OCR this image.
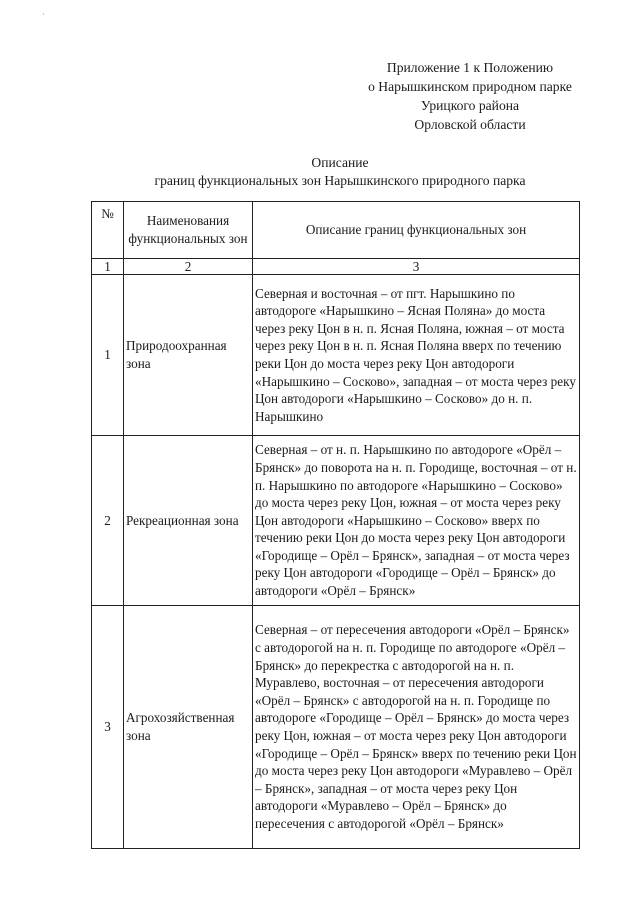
·
Приложение 1 к Положению
о Нарышкинском природном парке
Урицкого района
Орловской области
Описание
границ функциональных зон Нарышкинского природного парка
№	Наименования функциональных зон	Описание границ функциональных зон
1	2	3
1	Природоохранная зона	Северная и восточная – от пгт. Нарышкино по автодороге «Нарышкино – Ясная Поляна» до моста через реку Цон в н. п. Ясная Поляна, южная – от моста через реку Цон в н. п. Ясная Поляна вверх по течению реки Цон до моста через реку Цон автодороги «Нарышкино – Сосково», западная – от моста через реку Цон автодороги «Нарышкино – Сосково» до н. п. Нарышкино
2	Рекреационная зона	Северная – от н. п. Нарышкино по автодороге «Орёл – Брянск» до поворота на н. п. Городище, восточная – от н. п. Нарышкино по автодороге «Нарышкино – Сосково» до моста через реку Цон, южная – от моста через реку Цон автодороги «Нарышкино – Сосково» вверх по течению реки Цон до моста через реку Цон автодороги «Городище – Орёл – Брянск», западная – от моста через реку Цон автодороги «Городище – Орёл – Брянск» до автодороги «Орёл – Брянск»
3	Агрохозяйственная зона	Северная – от пересечения автодороги «Орёл – Брянск» с автодорогой на н. п. Городище по автодороге «Орёл – Брянск» до перекрестка с автодорогой на н. п. Муравлево, восточная – от пересечения автодороги «Орёл – Брянск» с автодорогой на н. п. Городище по автодороге «Городище – Орёл – Брянск» до моста через реку Цон, южная – от моста через реку Цон автодороги «Городище – Орёл – Брянск» вверх по течению реки Цон до моста через реку Цон автодороги «Муравлево – Орёл – Брянск», западная – от моста через реку Цон автодороги «Муравлево – Орёл – Брянск» до пересечения с автодорогой «Орёл – Брянск»
